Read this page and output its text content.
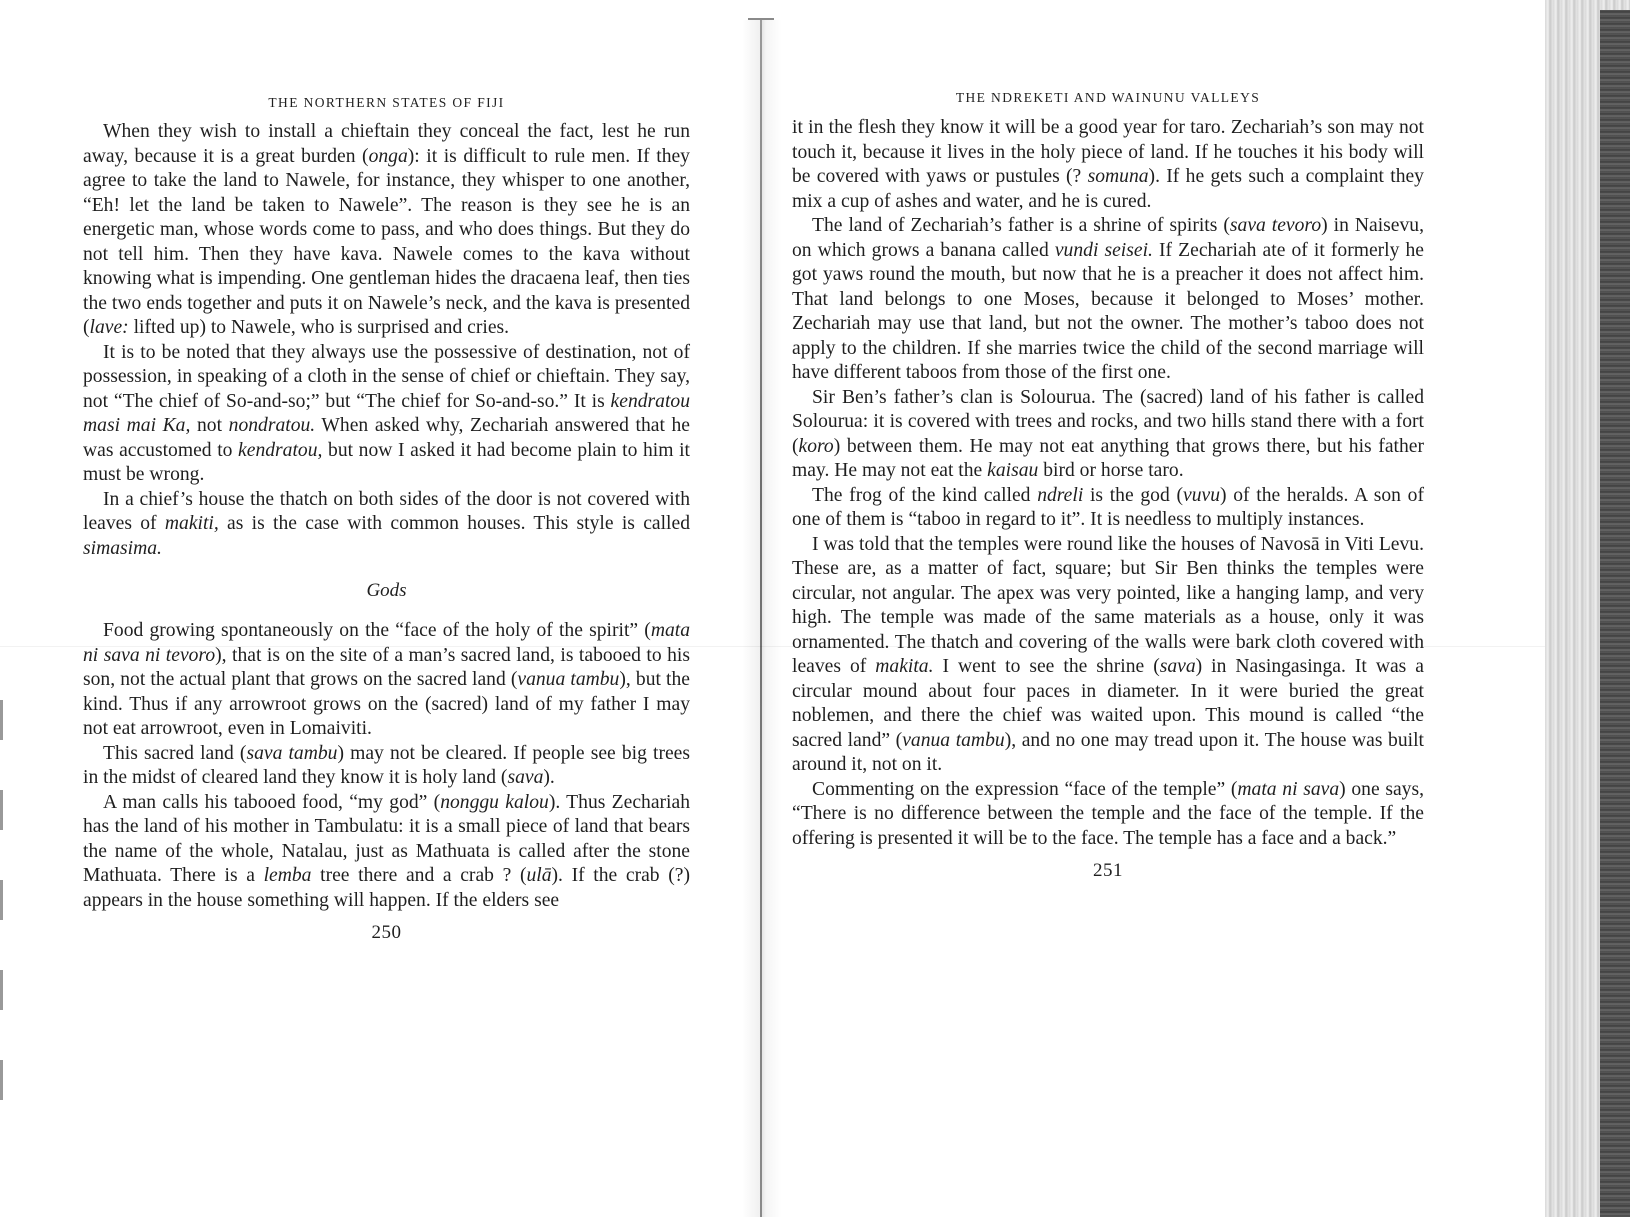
THE NORTHERN STATES OF FIJI

When they wish to install a chieftain they conceal the fact, lest he run away, because it is a great burden (onga): it is difficult to rule men. If they agree to take the land to Nawele, for instance, they whisper to one another, “Eh! let the land be taken to Nawele”. The reason is they see he is an energetic man, whose words come to pass, and who does things. But they do not tell him. Then they have kava. Nawele comes to the kava without knowing what is impending. One gentleman hides the dracaena leaf, then ties the two ends together and puts it on Nawele’s neck, and the kava is presented (lave: lifted up) to Nawele, who is surprised and cries.

It is to be noted that they always use the possessive of destination, not of possession, in speaking of a cloth in the sense of chief or chieftain. They say, not “The chief of So-and-so;” but “The chief for So-and-so.” It is kendratou masi mai Ka, not nondratou. When asked why, Zechariah answered that he was accustomed to kendratou, but now I asked it had become plain to him it must be wrong.

In a chief’s house the thatch on both sides of the door is not covered with leaves of makiti, as is the case with common houses. This style is called simasima.

Gods

Food growing spontaneously on the “face of the holy of the spirit” (mata ni sava ni tevoro), that is on the site of a man’s sacred land, is tabooed to his son, not the actual plant that grows on the sacred land (vanua tambu), but the kind. Thus if any arrowroot grows on the (sacred) land of my father I may not eat arrowroot, even in Lomaiviti.

This sacred land (sava tambu) may not be cleared. If people see big trees in the midst of cleared land they know it is holy land (sava).

A man calls his tabooed food, “my god” (nonggu kalou). Thus Zechariah has the land of his mother in Tambulatu: it is a small piece of land that bears the name of the whole, Natalau, just as Mathuata is called after the stone Mathuata. There is a lemba tree there and a crab ? (ulā). If the crab (?) appears in the house something will happen. If the elders see

250
THE NDREKETI AND WAINUNU VALLEYS

it in the flesh they know it will be a good year for taro. Zechariah’s son may not touch it, because it lives in the holy piece of land. If he touches it his body will be covered with yaws or pustules (? somuna). If he gets such a complaint they mix a cup of ashes and water, and he is cured.

The land of Zechariah’s father is a shrine of spirits (sava tevoro) in Naisevu, on which grows a banana called vundi seisei. If Zechariah ate of it formerly he got yaws round the mouth, but now that he is a preacher it does not affect him. That land belongs to one Moses, because it belonged to Moses’ mother. Zechariah may use that land, but not the owner. The mother’s taboo does not apply to the children. If she marries twice the child of the second marriage will have different taboos from those of the first one.

Sir Ben’s father’s clan is Solourua. The (sacred) land of his father is called Solourua: it is covered with trees and rocks, and two hills stand there with a fort (koro) between them. He may not eat anything that grows there, but his father may. He may not eat the kaisau bird or horse taro.

The frog of the kind called ndreli is the god (vuvu) of the heralds. A son of one of them is “taboo in regard to it”. It is needless to multiply instances.

I was told that the temples were round like the houses of Navosā in Viti Levu. These are, as a matter of fact, square; but Sir Ben thinks the temples were circular, not angular. The apex was very pointed, like a hanging lamp, and very high. The temple was made of the same materials as a house, only it was ornamented. The thatch and covering of the walls were bark cloth covered with leaves of makita. I went to see the shrine (sava) in Nasingasinga. It was a circular mound about four paces in diameter. In it were buried the great noblemen, and there the chief was waited upon. This mound is called “the sacred land” (vanua tambu), and no one may tread upon it. The house was built around it, not on it.

Commenting on the expression “face of the temple” (mata ni sava) one says, “There is no difference between the temple and the face of the temple. If the offering is presented it will be to the face. The temple has a face and a back.”

251
